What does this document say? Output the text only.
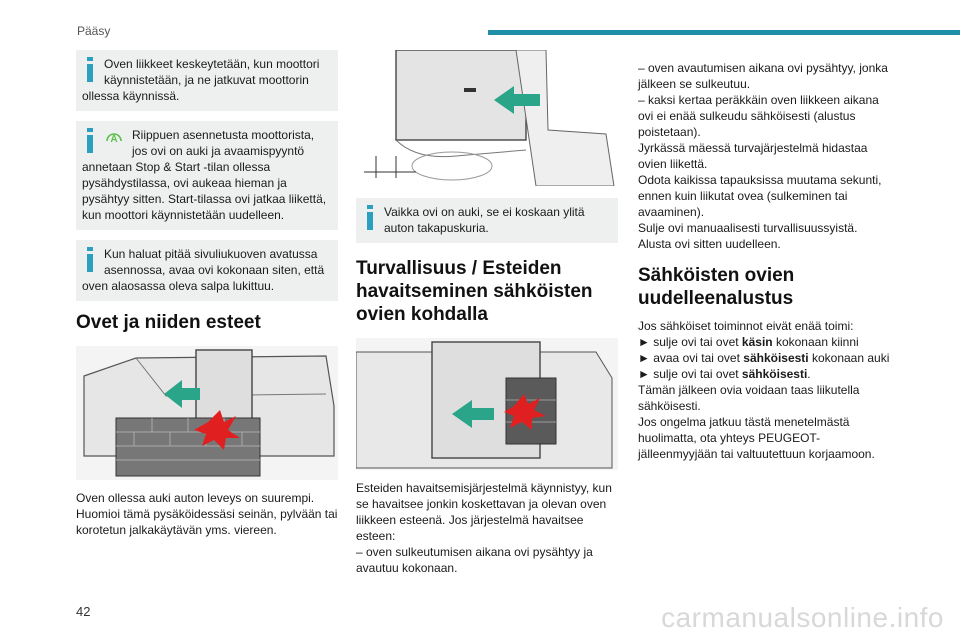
Pääsy
Oven liikkeet keskeytetään, kun moottori käynnistetään, ja ne jatkuvat moottorin ollessa käynnissä.
A Riippuen asennetusta moottorista, jos ovi on auki ja avaamispyyntö annetaan Stop & Start -tilan ollessa pysähdystilassa, ovi aukeaa hieman ja pysähtyy sitten. Start-tilassa ovi jatkaa liikettä, kun moottori käynnistetään uudelleen.
Kun haluat pitää sivuliukuoven avatussa asennossa, avaa ovi kokonaan siten, että oven alaosassa oleva salpa lukittuu.
Ovet ja niiden esteet

Oven ollessa auki auton leveys on suurempi. Huomioi tämä pysäköidessäsi seinän, pylvään tai korotetun jalkakäytävän yms. viereen.

Vaikka ovi on auki, se ei koskaan ylitä auton takapuskuria.
Turvallisuus / Esteiden havaitseminen sähköisten ovien kohdalla

Esteiden havaitsemisjärjestelmä käynnistyy, kun se havaitsee jonkin koskettavan ja olevan oven liikkeen esteenä. Jos järjestelmä havaitsee esteen:

– oven sulkeutumisen aikana ovi pysähtyy ja avautuu kokonaan.

– oven avautumisen aikana ovi pysähtyy, jonka jälkeen se sulkeutuu.

– kaksi kertaa peräkkäin oven liikkeen aikana ovi ei enää sulkeudu sähköisesti (alustus poistetaan).

Jyrkässä mäessä turvajärjestelmä hidastaa ovien liikettä.

Odota kaikissa tapauksissa muutama sekunti, ennen kuin liikutat ovea (sulkeminen tai avaaminen).

Sulje ovi manuaalisesti turvallisuussyistä.

Alusta ovi sitten uudelleen.

Sähköisten ovien uudelleenalustus

Jos sähköiset toiminnot eivät enää toimi:

► sulje ovi tai ovet käsin kokonaan kiinni

► avaa ovi tai ovet sähköisesti kokonaan auki

► sulje ovi tai ovet sähköisesti.

Tämän jälkeen ovia voidaan taas liikutella sähköisesti.

Jos ongelma jatkuu tästä menetelmästä huolimatta, ota yhteys PEUGEOT-jälleenmyyjään tai valtuutettuun korjaamoon.

42	carmanualsonline.info
